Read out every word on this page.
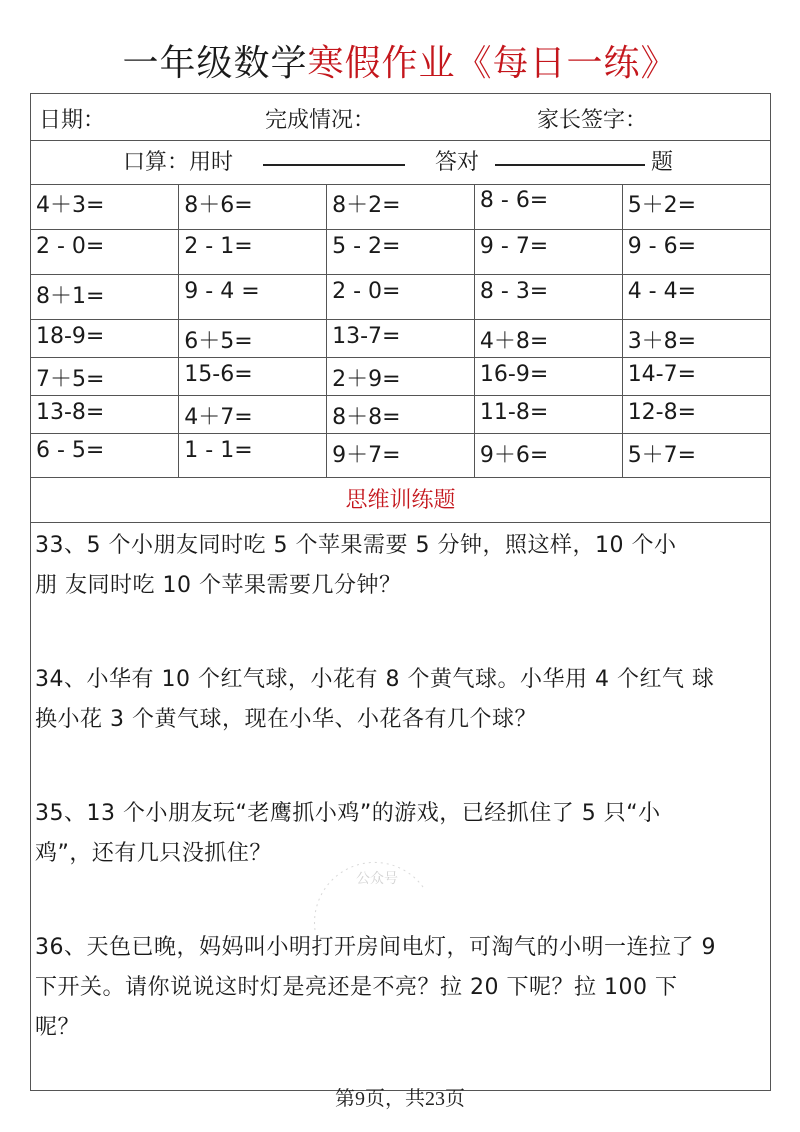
一年级数学寒假作业《每日一练》
日期：	完成情况：	家长签字：
口算：用时	答对	题
4＋3=	8＋6=	8＋2=	8 - 6=	5＋2=

2 - 0=	2 - 1=	5 - 2=	9 - 7=	9 - 6=

8＋1=	9 - 4 =	2 - 0=	8 - 3=	4 - 4=

18-9=	6＋5=	13-7=	4＋8=	3＋8=

7＋5=	15-6=	2＋9=	16-9=	14-7=

13-8=	4＋7=	8＋8=	11-8=	12-8=

6 - 5=	1 - 1=	9＋7=	9＋6=	5＋7=
思维训练题

33、5 个小朋友同时吃 5 个苹果需要 5 分钟，照这样，10 个小

朋 友同时吃 10 个苹果需要几分钟？

34、小华有 10 个红气球，小花有 8 个黄气球。小华用 4 个红气 球

换小花 3 个黄气球，现在小华、小花各有几个球？

35、13 个小朋友玩“老鹰抓小鸡”的游戏，已经抓住了 5 只“小

鸡”，还有几只没抓住？

36、天色已晚，妈妈叫小明打开房间电灯，可淘气的小明一连拉了 9

下开关。请你说说这时灯是亮还是不亮？拉 20 下呢？拉 100 下

呢？

公众号
第9页，共23页
